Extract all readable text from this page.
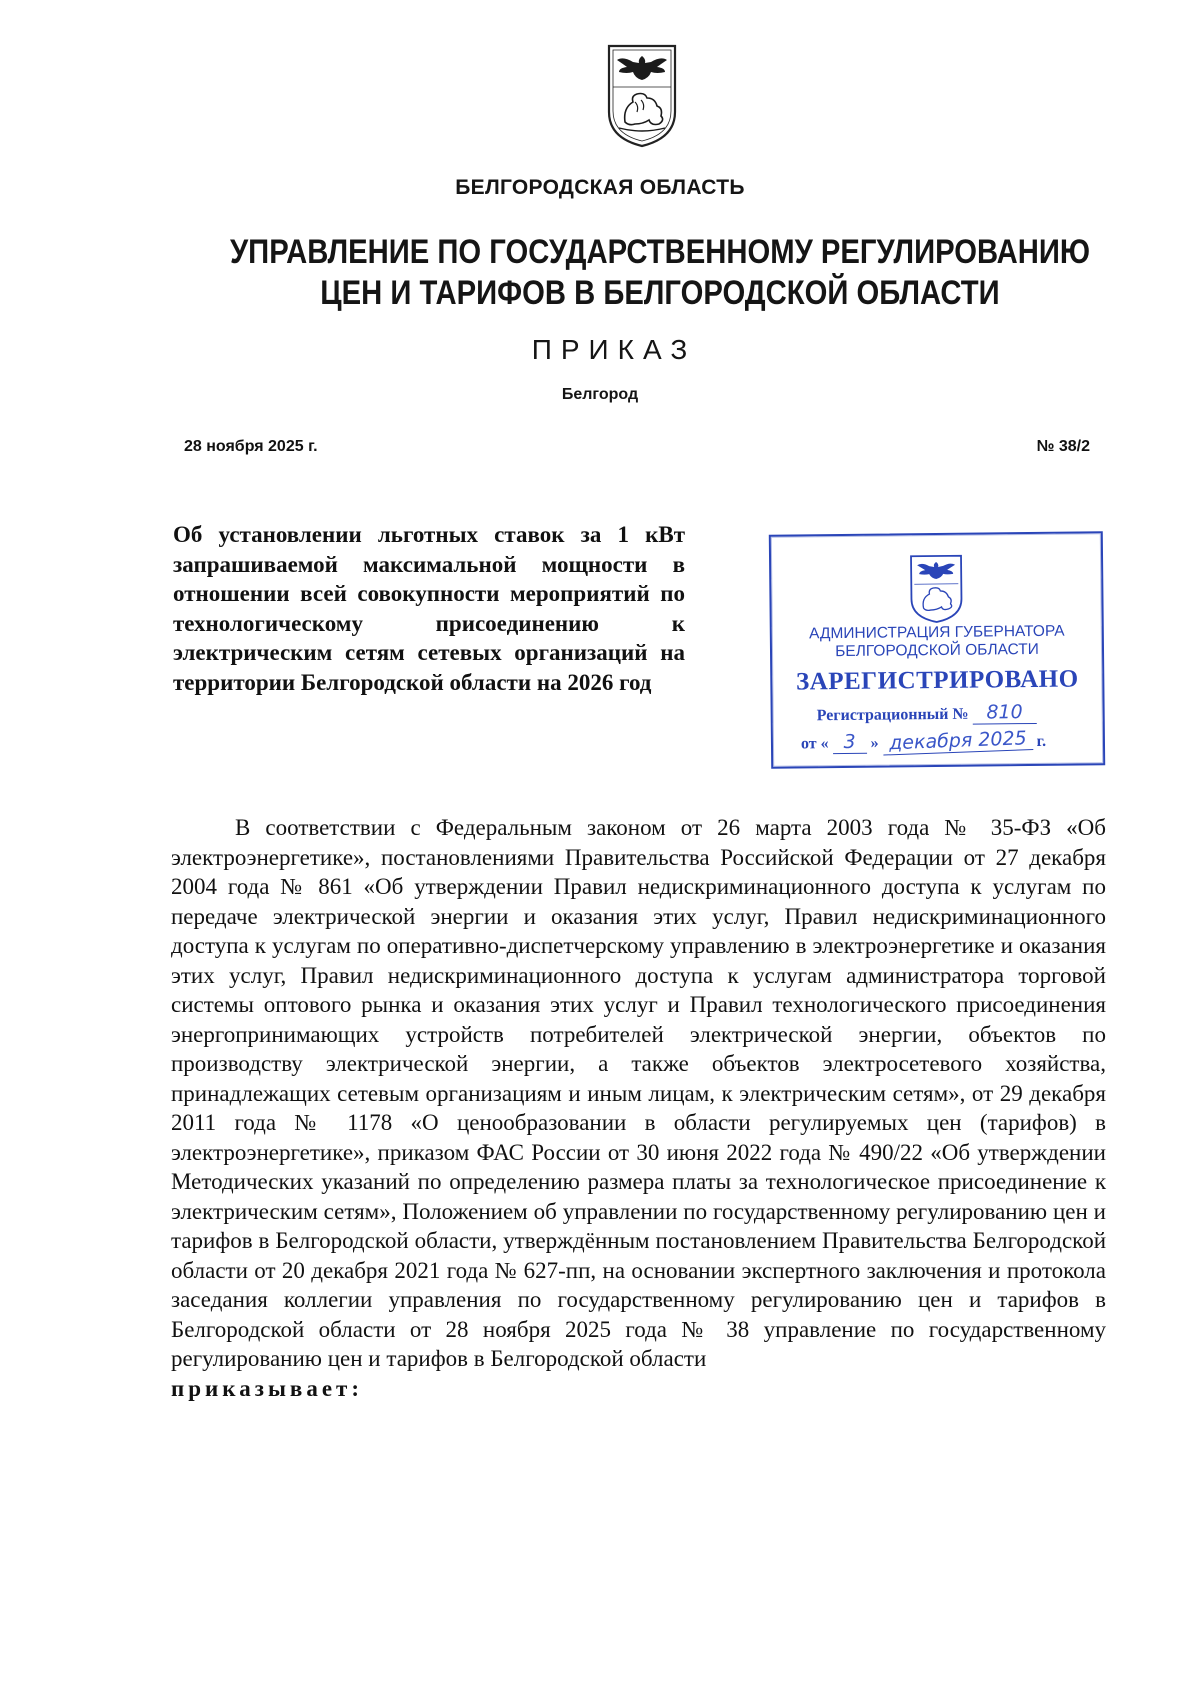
БЕЛГОРОДСКАЯ ОБЛАСТЬ
УПРАВЛЕНИЕ ПО ГОСУДАРСТВЕННОМУ РЕГУЛИРОВАНИЮ
ЦЕН И ТАРИФОВ В БЕЛГОРОДСКОЙ ОБЛАСТИ
ПРИКАЗ
Белгород
28 ноября 2025 г.	№ 38/2
Об установлении льготных ставок за 1 кВт запрашиваемой максимальной мощности в отношении всей совокупности мероприятий по технологическому присоединению к электрическим сетям сетевых организаций на территории Белгородской области на 2026 год
АДМИНИСТРАЦИЯ ГУБЕРНАТОРА
БЕЛГОРОДСКОЙ ОБЛАСТИ
ЗАРЕГИСТРИРОВАНО
Регистрационный № 810
от « 3 » декабря 2025 г.

В соответствии с Федеральным законом от 26 марта 2003 года № 35-ФЗ «Об электроэнергетике», постановлениями Правительства Российской Федерации от 27 декабря 2004 года № 861 «Об утверждении Правил недискриминационного доступа к услугам по передаче электрической энергии и оказания этих услуг, Правил недискриминационного доступа к услугам по оперативно-диспетчерскому управлению в электроэнергетике и оказания этих услуг, Правил недискриминационного доступа к услугам администратора торговой системы оптового рынка и оказания этих услуг и Правил технологического присоединения энергопринимающих устройств потребителей электрической энергии, объектов по производству электрической энергии, а также объектов электросетевого хозяйства, принадлежащих сетевым организациям и иным лицам, к электрическим сетям», от 29 декабря 2011 года № 1178 «О ценообразовании в области регулируемых цен (тарифов) в электроэнергетике», приказом ФАС России от 30 июня 2022 года № 490/22 «Об утверждении Методических указаний по определению размера платы за технологическое присоединение к электрическим сетям», Положением об управлении по государственному регулированию цен и тарифов в Белгородской области, утверждённым постановлением Правительства Белгородской области от 20 декабря 2021 года № 627-пп, на основании экспертного заключения и протокола заседания коллегии управления по государственному регулированию цен и тарифов в Белгородской области от 28 ноября 2025 года № 38 управление по государственному регулированию цен и тарифов в Белгородской области

приказывает:
